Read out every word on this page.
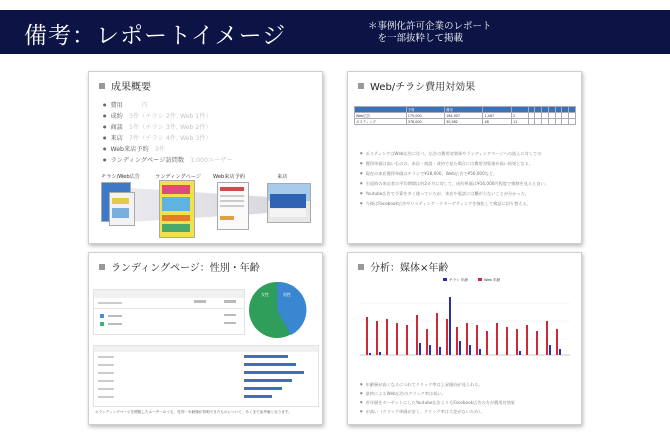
備考：レポートイメージ	＊事例化許可企業のレポート
　を一部抜粋して掲載
成果概要
● 費用　　　円
● 成約　3件（チラシ 2件, Web 1件）
● 商談　5件（チラシ 3件, Web 2件）
● 来店　7件（チラシ 4件, Web 3件）
● Web来店予約　3件
● ランディングページ訪問数　1,000ユーザー
チラシ/Web広告	ランディングページ Web来店予約	来店
Web/チラシ費用対効果
	予算	費用									
Web広告	175,000	164,907	1,487	2							
ポスティング	378,000	30,582	48	11							
● ポスティングはWeb広告に比べ、広告の費用対効果やランディングページへの流入に対しての
● 獲得単価は高いものの、来店・商談・成約で見た場合には費用対効果が高い結果となる。
● 現在の来店獲得単価はチラシで¥38,000、Web広告で¥56,000など。
● 引退時の来店者の平均期間は約2カ月に対して、成約単価は¥16,000円程度で推移を見ると良い。
● Youtube広告で予算を多く使っていたが、来店や電話には繋がらないことが分かった。
● 今後はFacebook広告やリスティング・リターゲティングを強化して検証に切り替える。
ランディングページ：性別・年齢
女性	男性
＊ランディングページを閲覧したユーザーのうち、性別・年齢層が判明できたものについて、あくまで参考値となります。
分析：媒体×年齢
チラシ 年齢	Web 年齢
● 年齢層が高くなるにつれてクリック率は上昇傾向が見られる。
● 最終によるWeb広告のクリック率は低い。
● 若年層をターゲットにしたYoutube広告よりもFacebook広告の方が費用対効果
● が高い（クリック単価が安く、クリック率は大差がないため）。
